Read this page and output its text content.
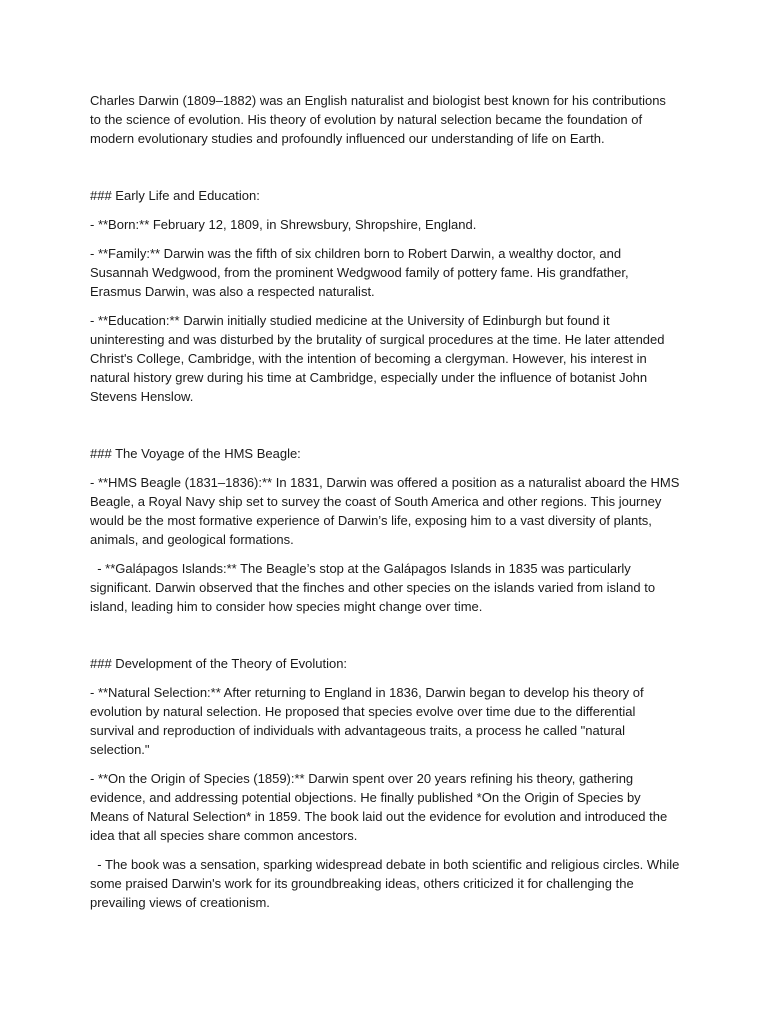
Charles Darwin (1809–1882) was an English naturalist and biologist best known for his contributions to the science of evolution. His theory of evolution by natural selection became the foundation of modern evolutionary studies and profoundly influenced our understanding of life on Earth.

### Early Life and Education:

- **Born:** February 12, 1809, in Shrewsbury, Shropshire, England.

- **Family:** Darwin was the fifth of six children born to Robert Darwin, a wealthy doctor, and Susannah Wedgwood, from the prominent Wedgwood family of pottery fame. His grandfather, Erasmus Darwin, was also a respected naturalist.

- **Education:** Darwin initially studied medicine at the University of Edinburgh but found it uninteresting and was disturbed by the brutality of surgical procedures at the time. He later attended Christ's College, Cambridge, with the intention of becoming a clergyman. However, his interest in natural history grew during his time at Cambridge, especially under the influence of botanist John Stevens Henslow.

### The Voyage of the HMS Beagle:

- **HMS Beagle (1831–1836):** In 1831, Darwin was offered a position as a naturalist aboard the HMS Beagle, a Royal Navy ship set to survey the coast of South America and other regions. This journey would be the most formative experience of Darwin’s life, exposing him to a vast diversity of plants, animals, and geological formations.

- **Galápagos Islands:** The Beagle’s stop at the Galápagos Islands in 1835 was particularly significant. Darwin observed that the finches and other species on the islands varied from island to island, leading him to consider how species might change over time.

### Development of the Theory of Evolution:

- **Natural Selection:** After returning to England in 1836, Darwin began to develop his theory of evolution by natural selection. He proposed that species evolve over time due to the differential survival and reproduction of individuals with advantageous traits, a process he called "natural selection."

- **On the Origin of Species (1859):** Darwin spent over 20 years refining his theory, gathering evidence, and addressing potential objections. He finally published *On the Origin of Species by Means of Natural Selection* in 1859. The book laid out the evidence for evolution and introduced the idea that all species share common ancestors.

- The book was a sensation, sparking widespread debate in both scientific and religious circles. While some praised Darwin's work for its groundbreaking ideas, others criticized it for challenging the prevailing views of creationism.
